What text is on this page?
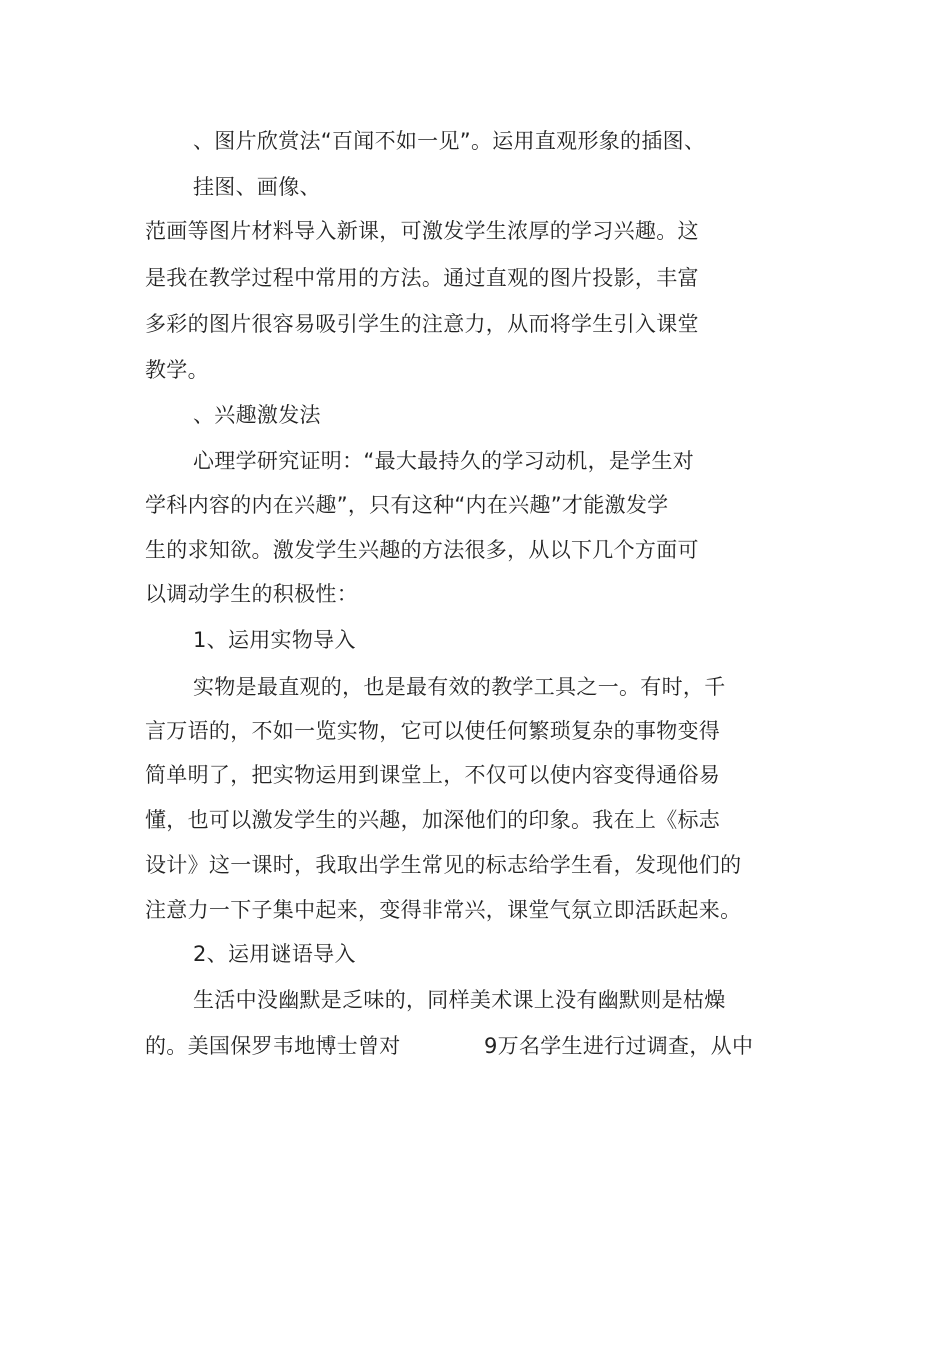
、图片欣赏法“百闻不如一见”。运用直观形象的插图、
挂图、画像、
范画等图片材料导入新课，可激发学生浓厚的学习兴趣。这
是我在教学过程中常用的方法。通过直观的图片投影，丰富
多彩的图片很容易吸引学生的注意力，从而将学生引入课堂
教学。
、兴趣激发法
心理学研究证明：“最大最持久的学习动机，是学生对
学科内容的内在兴趣”，只有这种“内在兴趣”才能激发学
生的求知欲。激发学生兴趣的方法很多，从以下几个方面可
以调动学生的积极性：
1、运用实物导入
实物是最直观的，也是最有效的教学工具之一。有时，千
言万语的，不如一览实物，它可以使任何繁琐复杂的事物变得
简单明了，把实物运用到课堂上，不仅可以使内容变得通俗易
懂，也可以激发学生的兴趣，加深他们的印象。我在上《标志
设计》这一课时，我取出学生常见的标志给学生看，发现他们的
注意力一下子集中起来，变得非常兴，课堂气氛立即活跃起来。
2、运用谜语导入
生活中没幽默是乏味的，同样美术课上没有幽默则是枯燥
的。美国保罗韦地博士曾对	9万名学生进行过调查，从中
